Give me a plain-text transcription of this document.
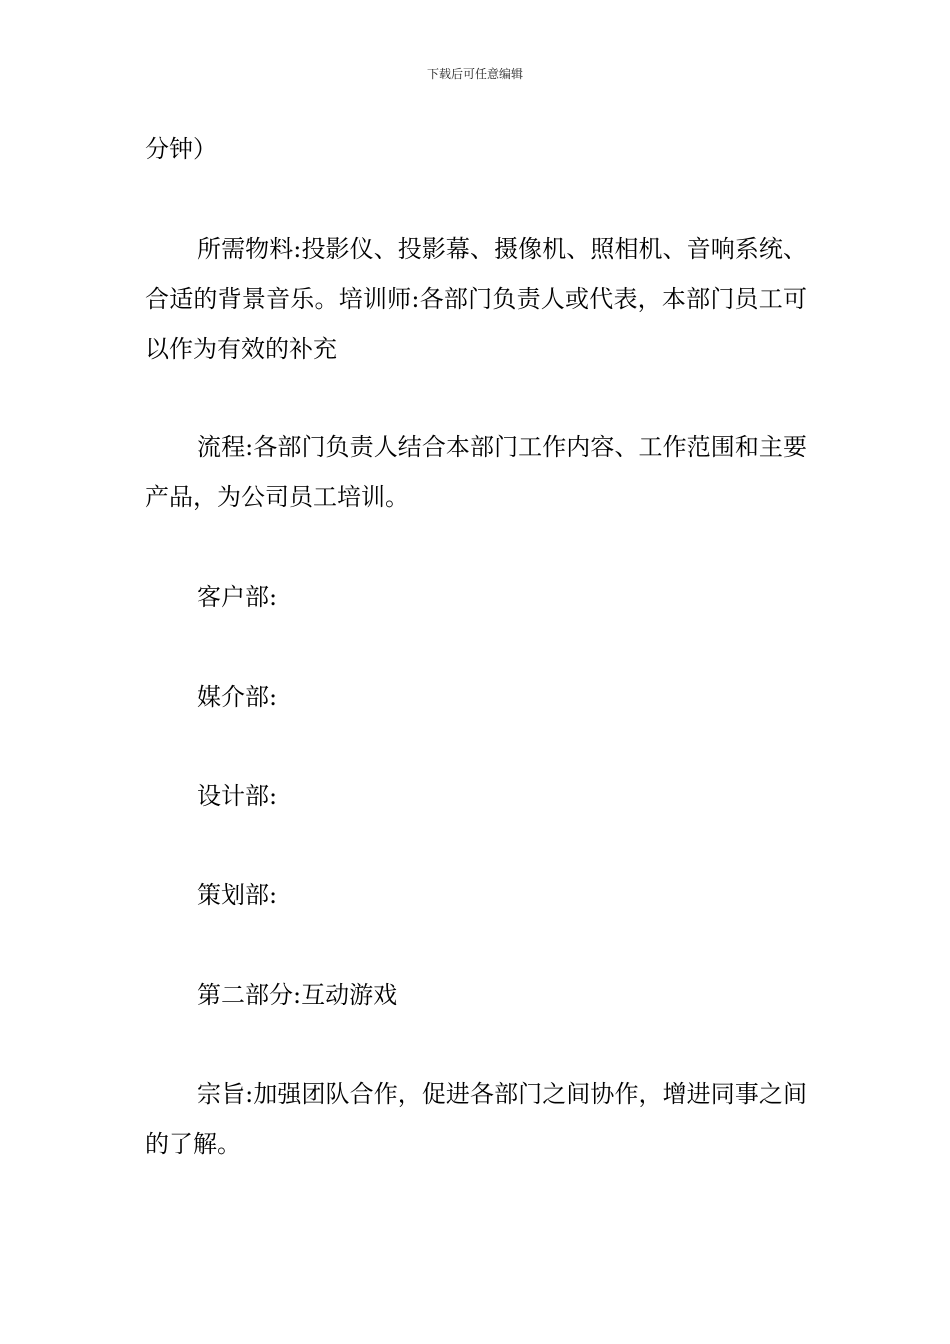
下载后可任意编辑

分钟）

所需物料:投影仪、投影幕、摄像机、照相机、音响系统、合适的背景音乐。培训师:各部门负责人或代表，本部门员工可以作为有效的补充

流程:各部门负责人结合本部门工作内容、工作范围和主要产品，为公司员工培训。

客户部:

媒介部:

设计部:

策划部:

第二部分:互动游戏

宗旨:加强团队合作，促进各部门之间协作，增进同事之间的了解。
